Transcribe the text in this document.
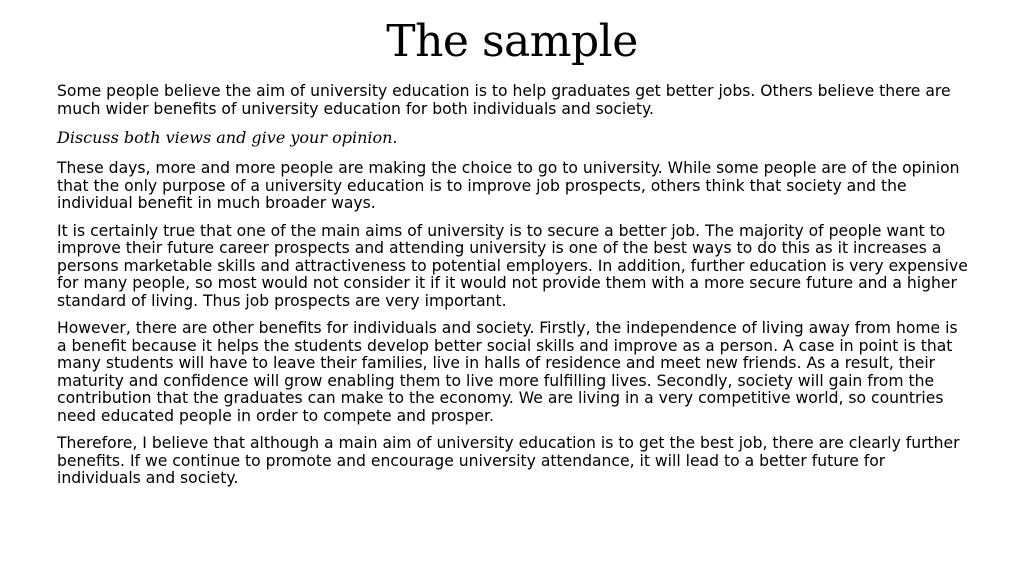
The sample

Some people believe the aim of university education is to help graduates get better jobs. Others believe there are much wider benefits of university education for both individuals and society.

Discuss both views and give your opinion.

These days, more and more people are making the choice to go to university. While some people are of the opinion that the only purpose of a university education is to improve job prospects, others think that society and the individual benefit in much broader ways.

It is certainly true that one of the main aims of university is to secure a better job. The majority of people want to improve their future career prospects and attending university is one of the best ways to do this as it increases a persons marketable skills and attractiveness to potential employers. In addition, further education is very expensive for many people, so most would not consider it if it would not provide them with a more secure future and a higher standard of living. Thus job prospects are very important.

However, there are other benefits for individuals and society. Firstly, the independence of living away from home is a benefit because it helps the students develop better social skills and improve as a person. A case in point is that many students will have to leave their families, live in halls of residence and meet new friends. As a result, their maturity and confidence will grow enabling them to live more fulfilling lives. Secondly, society will gain from the contribution that the graduates can make to the economy. We are living in a very competitive world, so countries need educated people in order to compete and prosper.

Therefore, I believe that although a main aim of university education is to get the best job, there are clearly further benefits. If we continue to promote and encourage university attendance, it will lead to a better future for individuals and society.
